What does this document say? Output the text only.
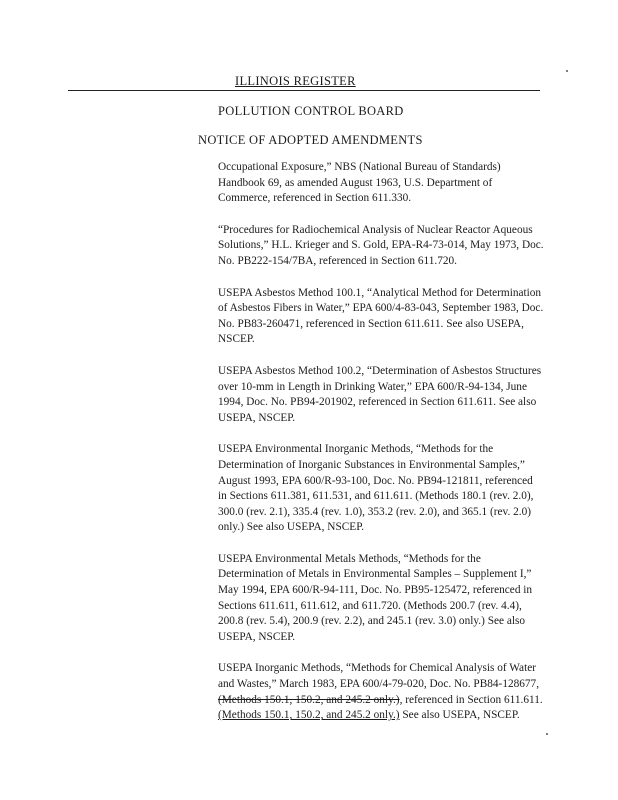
ILLINOIS REGISTER
POLLUTION CONTROL BOARD
NOTICE OF ADOPTED AMENDMENTS

Occupational Exposure,” NBS (National Bureau of Standards) Handbook 69, as amended August 1963, U.S. Department of Commerce, referenced in Section 611.330.

“Procedures for Radiochemical Analysis of Nuclear Reactor Aqueous Solutions,” H.L. Krieger and S. Gold, EPA-R4-73-014, May 1973, Doc. No. PB222-154/7BA, referenced in Section 611.720.

USEPA Asbestos Method 100.1, “Analytical Method for Determination of Asbestos Fibers in Water,” EPA 600/4-83-043, September 1983, Doc. No. PB83-260471, referenced in Section 611.611. See also USEPA, NSCEP.

USEPA Asbestos Method 100.2, “Determination of Asbestos Structures over 10-mm in Length in Drinking Water,” EPA 600/R-94-134, June 1994, Doc. No. PB94-201902, referenced in Section 611.611. See also USEPA, NSCEP.

USEPA Environmental Inorganic Methods, “Methods for the Determination of Inorganic Substances in Environmental Samples,” August 1993, EPA 600/R-93-100, Doc. No. PB94-121811, referenced in Sections 611.381, 611.531, and 611.611. (Methods 180.1 (rev. 2.0), 300.0 (rev. 2.1), 335.4 (rev. 1.0), 353.2 (rev. 2.0), and 365.1 (rev. 2.0) only.) See also USEPA, NSCEP.

USEPA Environmental Metals Methods, “Methods for the Determination of Metals in Environmental Samples – Supplement I,” May 1994, EPA 600/R-94-111, Doc. No. PB95-125472, referenced in Sections 611.611, 611.612, and 611.720. (Methods 200.7 (rev. 4.4), 200.8 (rev. 5.4), 200.9 (rev. 2.2), and 245.1 (rev. 3.0) only.) See also USEPA, NSCEP.

USEPA Inorganic Methods, “Methods for Chemical Analysis of Water and Wastes,” March 1983, EPA 600/4-79-020, Doc. No. PB84-128677, (Methods 150.1, 150.2, and 245.2 only.), referenced in Section 611.611. (Methods 150.1, 150.2, and 245.2 only.) See also USEPA, NSCEP.
